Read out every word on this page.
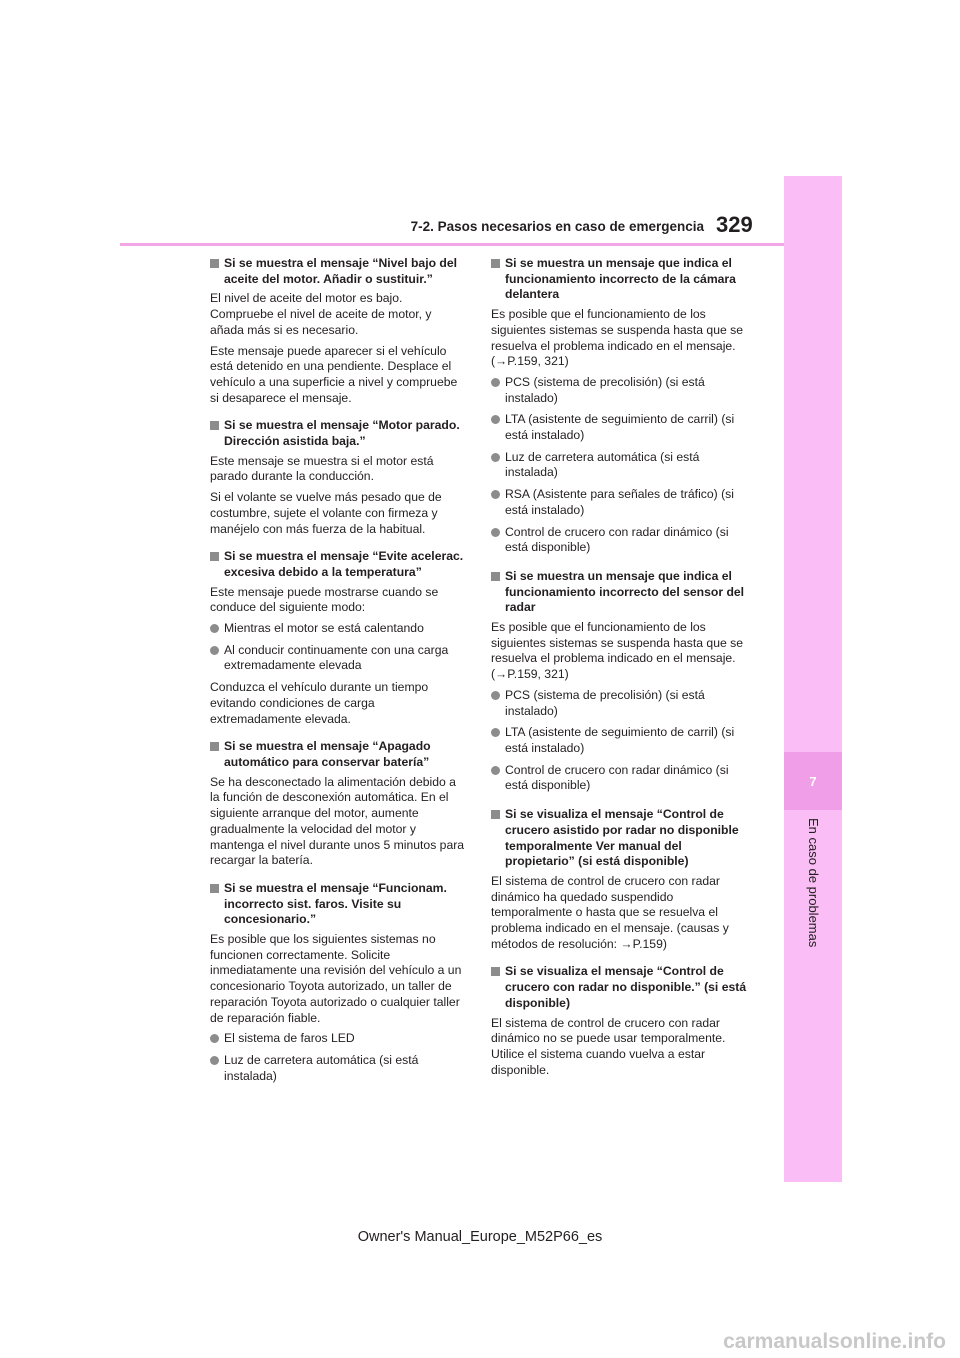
7
En caso de problemas
7-2. Pasos necesarios en caso de emergencia 329
Si se muestra el mensaje “Nivel bajo del aceite del motor. Añadir o sustituir.”
El nivel de aceite del motor es bajo. Compruebe el nivel de aceite de motor, y añada más si es necesario.
Este mensaje puede aparecer si el vehículo está detenido en una pendiente. Desplace el vehículo a una superficie a nivel y compruebe si desaparece el mensaje.
Si se muestra el mensaje “Motor parado. Dirección asistida baja.”
Este mensaje se muestra si el motor está parado durante la conducción.
Si el volante se vuelve más pesado que de costumbre, sujete el volante con firmeza y manéjelo con más fuerza de la habitual.
Si se muestra el mensaje “Evite acelerac. excesiva debido a la temperatura”
Este mensaje puede mostrarse cuando se conduce del siguiente modo:
Mientras el motor se está calentando
Al conducir continuamente con una carga extremadamente elevada
Conduzca el vehículo durante un tiempo evitando condiciones de carga extremadamente elevada.
Si se muestra el mensaje “Apagado automático para conservar batería”
Se ha desconectado la alimentación debido a la función de desconexión automática. En el siguiente arranque del motor, aumente gradualmente la velocidad del motor y mantenga el nivel durante unos 5 minutos para recargar la batería.
Si se muestra el mensaje “Funcionam. incorrecto sist. faros. Visite su concesionario.”
Es posible que los siguientes sistemas no funcionen correctamente. Solicite inmediatamente una revisión del vehículo a un concesionario Toyota autorizado, un taller de reparación Toyota autorizado o cualquier taller de reparación fiable.
El sistema de faros LED
Luz de carretera automática (si está instalada)
Si se muestra un mensaje que indica el funcionamiento incorrecto de la cámara delantera
Es posible que el funcionamiento de los siguientes sistemas se suspenda hasta que se resuelva el problema indicado en el mensaje. (→P.159, 321)
PCS (sistema de precolisión) (si está instalado)
LTA (asistente de seguimiento de carril) (si está instalado)
Luz de carretera automática (si está instalada)
RSA (Asistente para señales de tráfico) (si está instalado)
Control de crucero con radar dinámico (si está disponible)
Si se muestra un mensaje que indica el funcionamiento incorrecto del sensor del radar
Es posible que el funcionamiento de los siguientes sistemas se suspenda hasta que se resuelva el problema indicado en el mensaje. (→P.159, 321)
PCS (sistema de precolisión) (si está instalado)
LTA (asistente de seguimiento de carril) (si está instalado)
Control de crucero con radar dinámico (si está disponible)
Si se visualiza el mensaje “Control de crucero asistido por radar no disponible temporalmente Ver manual del propietario” (si está disponible)
El sistema de control de crucero con radar dinámico ha quedado suspendido temporalmente o hasta que se resuelva el problema indicado en el mensaje. (causas y métodos de resolución: →P.159)
Si se visualiza el mensaje “Control de crucero con radar no disponible.” (si está disponible)
El sistema de control de crucero con radar dinámico no se puede usar temporalmente. Utilice el sistema cuando vuelva a estar disponible.
Owner's Manual_Europe_M52P66_es
carmanualsonline.info
